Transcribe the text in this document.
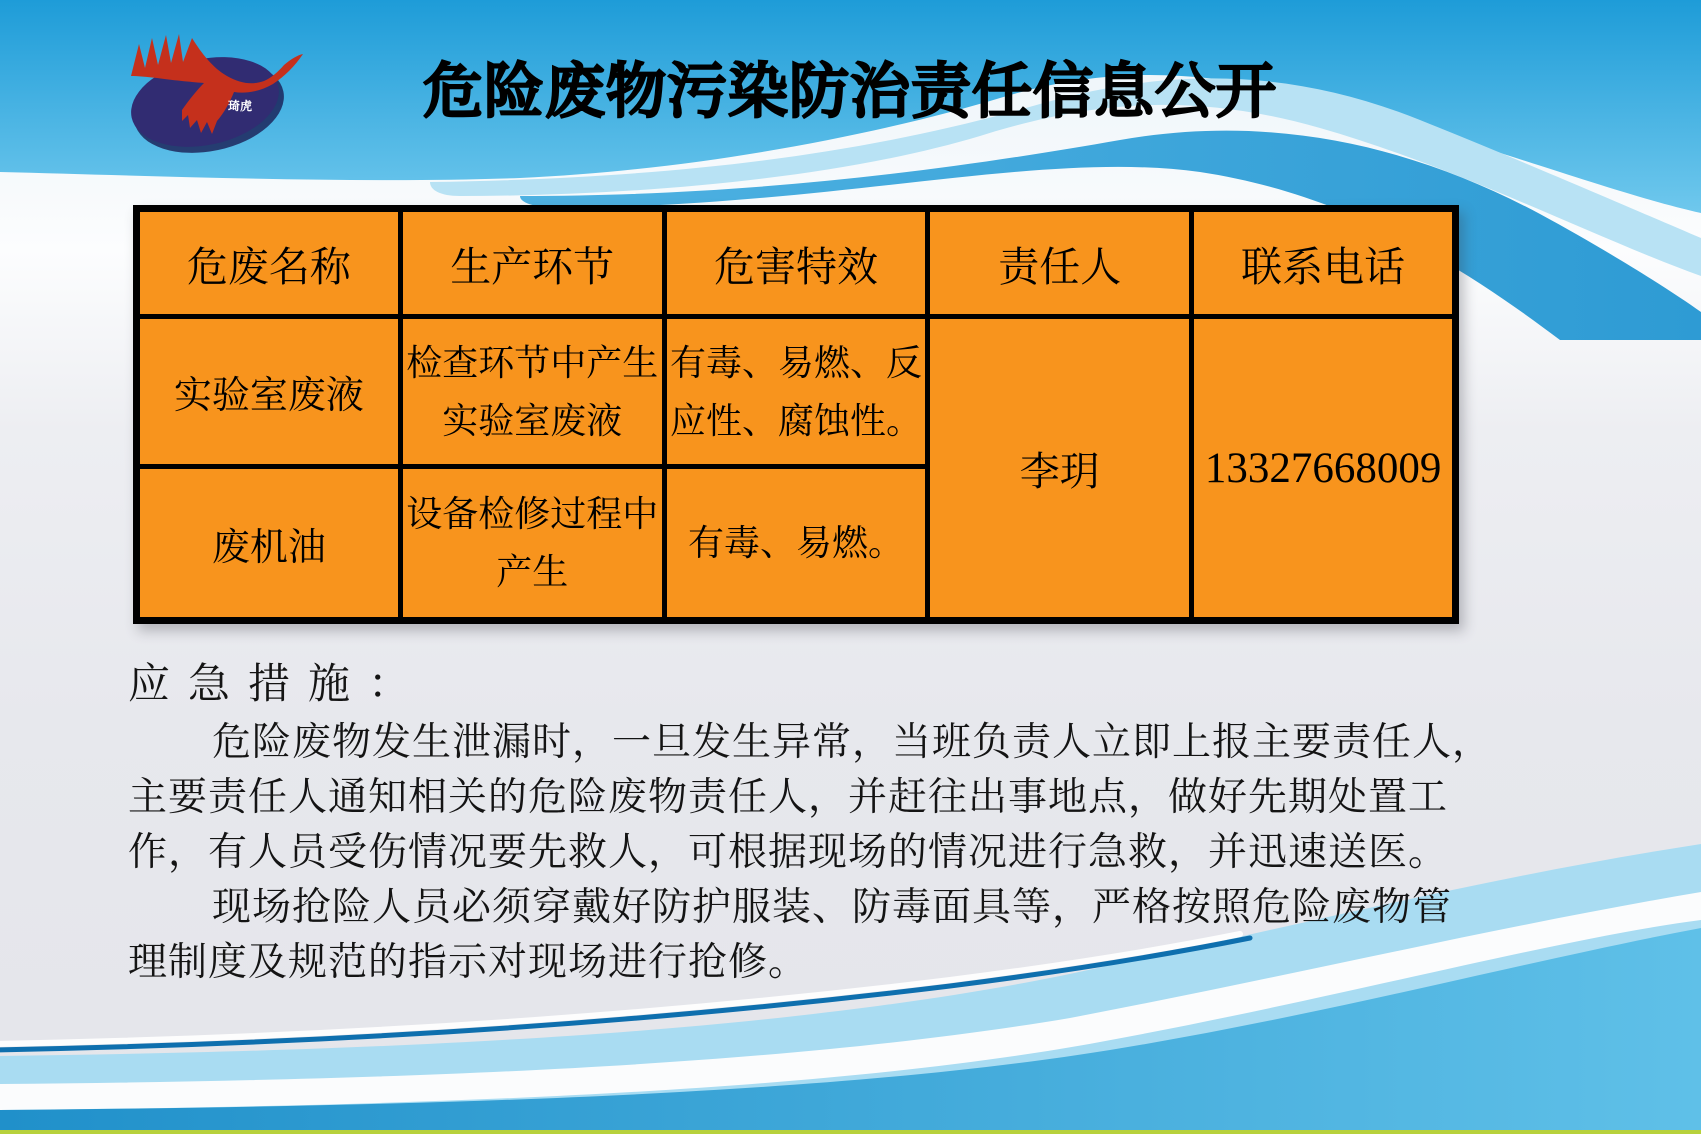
琦虎	危险废物污染防治责任信息公开
危废名称	生产环节	危害特效	责任人	联系电话
实验室废液	检查环节中产生实验室废液	有毒、易燃、反应性、腐蚀性。	李玥	13327668009
废机油	设备检修过程中产生	有毒、易燃。		
应急措施：
危险废物发生泄漏时，一旦发生异常，当班负责人立即上报主要责任人，
主要责任人通知相关的危险废物责任人，并赶往出事地点，做好先期处置工
作，有人员受伤情况要先救人，可根据现场的情况进行急救，并迅速送医。
现场抢险人员必须穿戴好防护服装、防毒面具等，严格按照危险废物管
理制度及规范的指示对现场进行抢修。
